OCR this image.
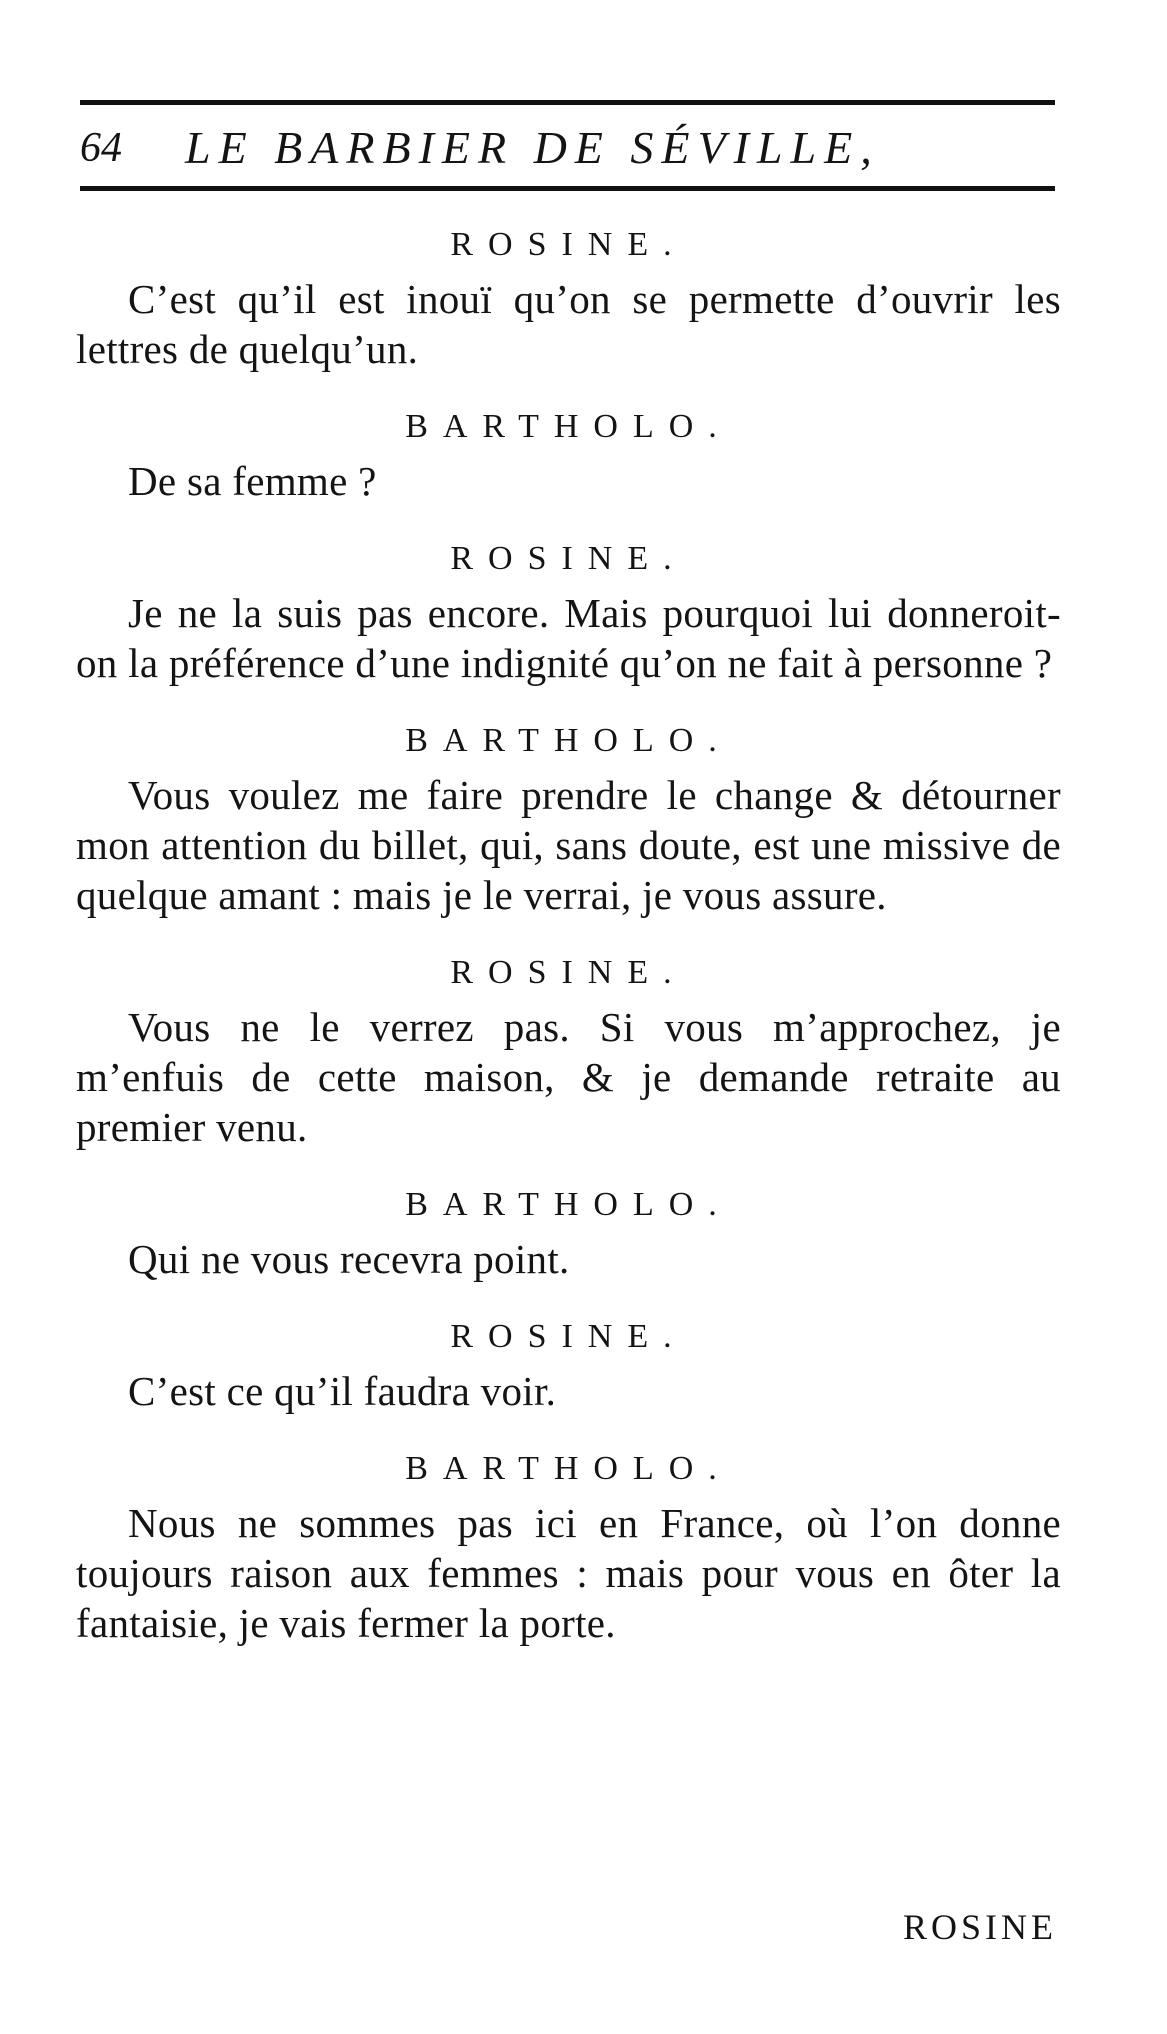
64 LE BARBIER DE SÉVILLE,
ROSINE.

C’est qu’il est inouï qu’on se permette d’ouvrir les lettres de quelqu’un.

BARTHOLO.

De sa femme ?

ROSINE.

Je ne la suis pas encore. Mais pourquoi lui donneroit-on la préférence d’une indignité qu’on ne fait à personne ?

BARTHOLO.

Vous voulez me faire prendre le change & détourner mon attention du billet, qui, sans doute, est une missive de quelque amant : mais je le verrai, je vous assure.

ROSINE.

Vous ne le verrez pas. Si vous m’approchez, je m’enfuis de cette maison, & je demande retraite au premier venu.

BARTHOLO.

Qui ne vous recevra point.

ROSINE.

C’est ce qu’il faudra voir.

BARTHOLO.

Nous ne sommes pas ici en France, où l’on donne toujours raison aux femmes : mais pour vous en ôter la fantaisie, je vais fermer la porte.

ROSINE
